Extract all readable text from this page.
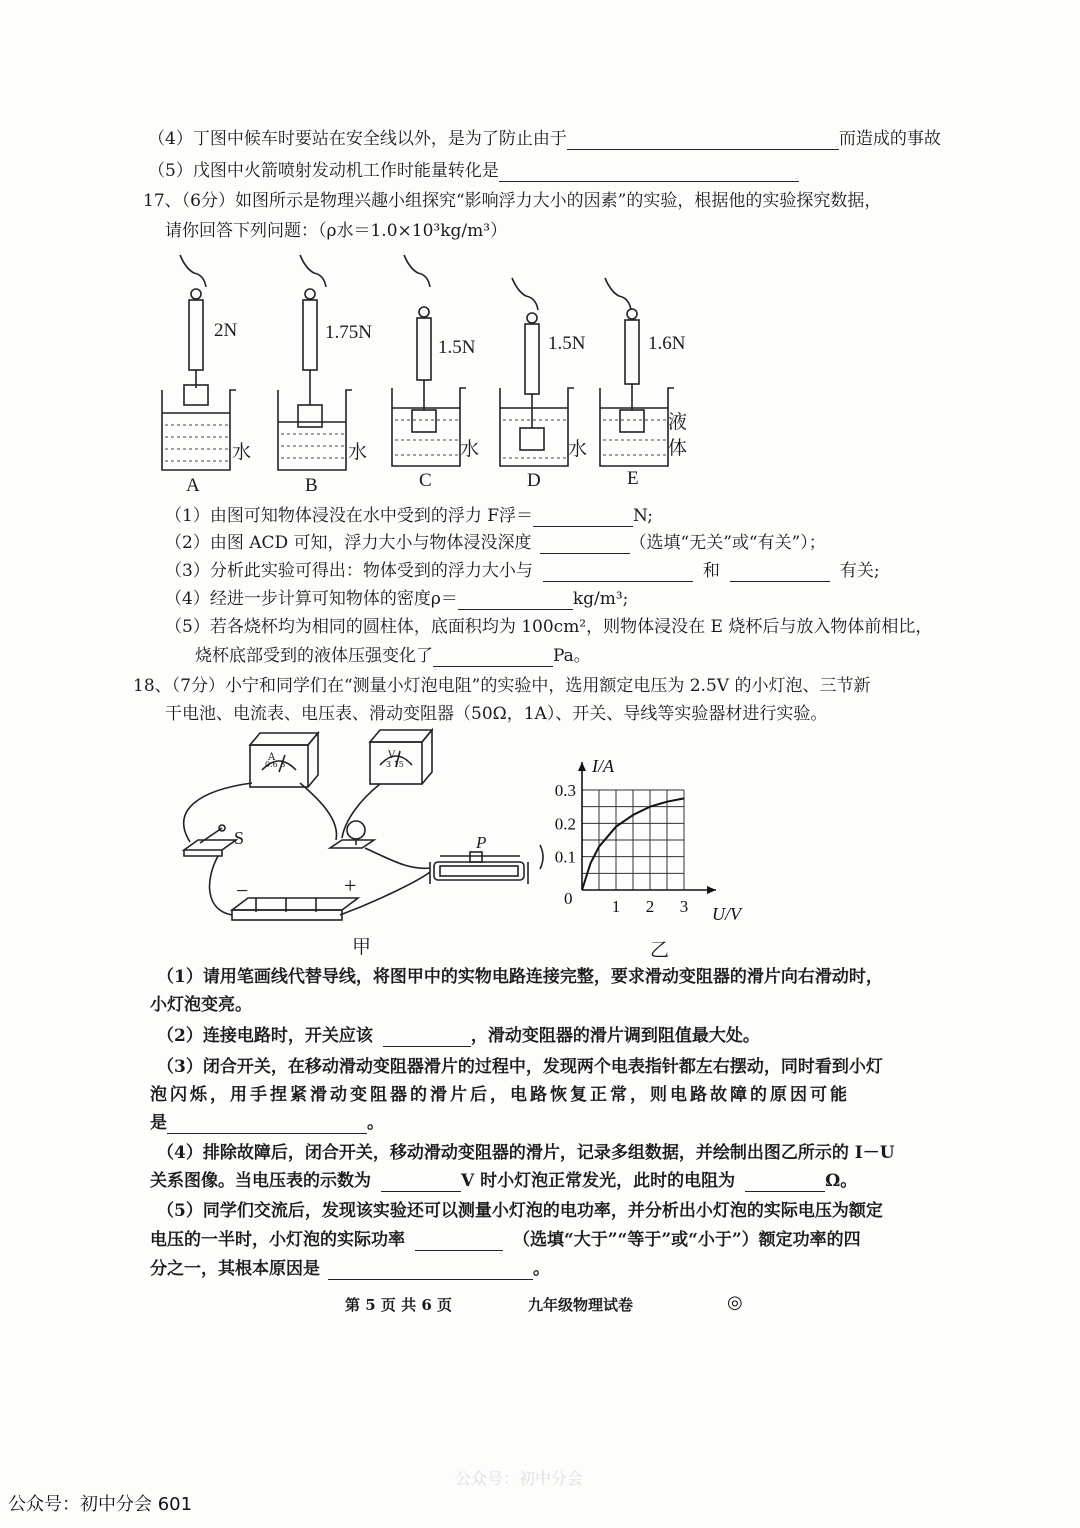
（4）丁图中候车时要站在安全线以外，是为了防止由于	而造成的事故
（5）戊图中火箭喷射发动机工作时能量转化是
17、（6分）如图所示是物理兴趣小组探究“影响浮力大小的因素”的实验，根据他的实验探究数据，
请你回答下列问题：（ρ水＝1.0×10³kg/m³）
2N	1.75N
1.5N	1.5N	1.6N
水	水	水	水
液体
A	B	C	D	E
（1）由图可知物体浸没在水中受到的浮力 F浮＝	N;
（2）由图 ACD 可知，浮力大小与物体浸没深度	（选填“无关”或“有关”）；
（3）分析此实验可得出：物体受到的浮力大小与	和	有关;
（4）经进一步计算可知物体的密度ρ＝	kg/m³;
（5）若各烧杯均为相同的圆柱体，底面积均为 100cm²，则物体浸没在 E 烧杯后与放入物体前相比，
烧杯底部受到的液体压强变化了	Pa。
18、（7分）小宁和同学们在“测量小灯泡电阻”的实验中，选用额定电压为 2.5V 的小灯泡、三节新
干电池、电流表、电压表、滑动变阻器（50Ω，1A）、开关、导线等实验器材进行实验。
A
0.6 3
V
3 15
S	P
−	+
甲
1 2 3
0.1
0.2
0.3
0
U/V
I/A
乙
（1）请用笔画线代替导线，将图甲中的实物电路连接完整，要求滑动变阻器的滑片向右滑动时，
小灯泡变亮。
（2）连接电路时，开关应该	，滑动变阻器的滑片调到阻值最大处。
（3）闭合开关，在移动滑动变阻器滑片的过程中，发现两个电表指针都左右摆动，同时看到小灯
泡闪烁，用手捏紧滑动变阻器的滑片后，电路恢复正常，则电路故障的原因可能
是	。
（4）排除故障后，闭合开关，移动滑动变阻器的滑片，记录多组数据，并绘制出图乙所示的 I－U
关系图像。当电压表的示数为	V 时小灯泡正常发光，此时的电阻为	Ω。
（5）同学们交流后，发现该实验还可以测量小灯泡的电功率，并分析出小灯泡的实际电压为额定
电压的一半时，小灯泡的实际功率	（选填“大于”“等于”或“小于”）额定功率的四
分之一，其根本原因是	。
第 5 页 共 6 页	九年级物理试卷	◎
公众号：初中分会
公众号：初中分会 601
